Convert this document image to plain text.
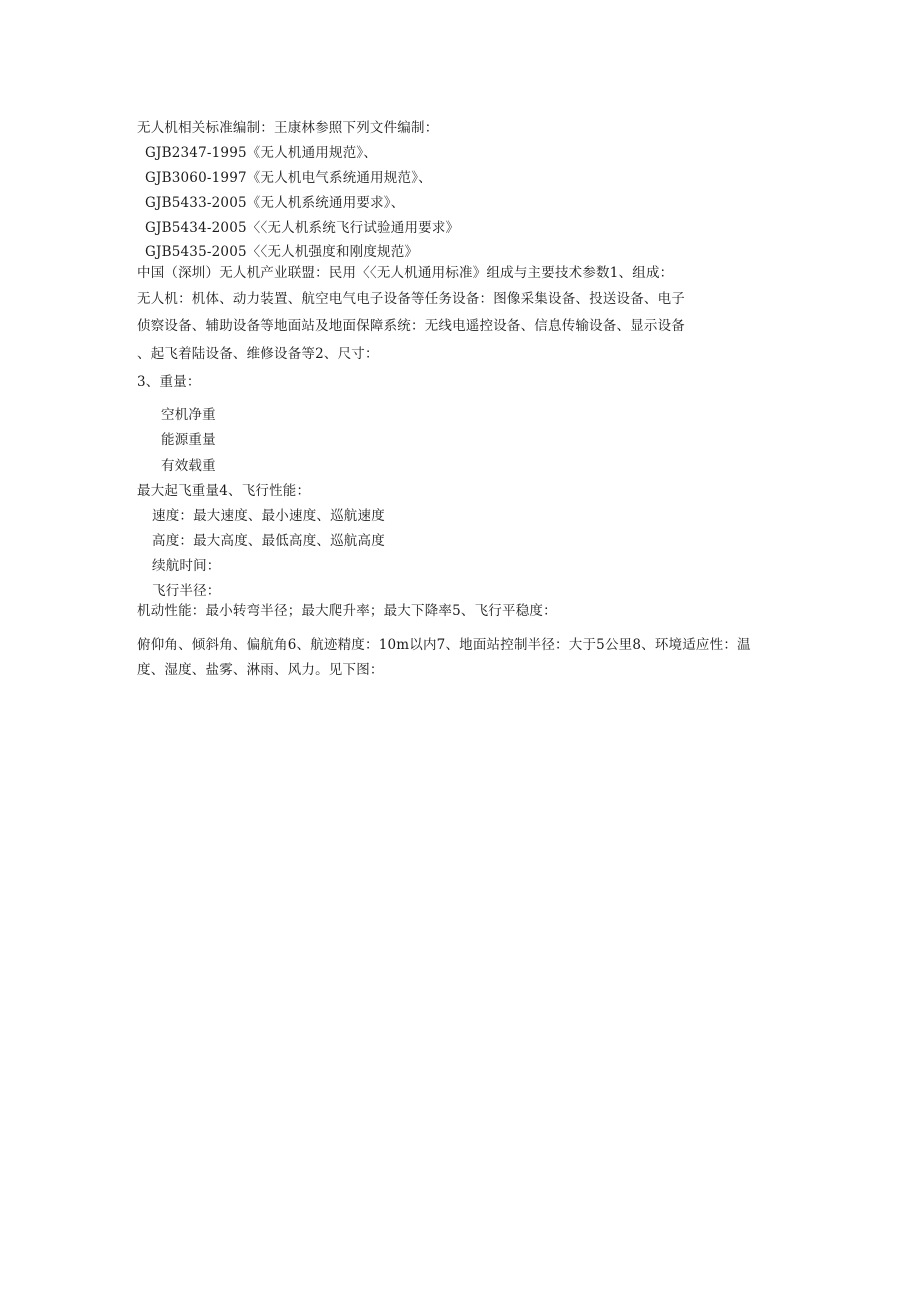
无人机相关标准编制：王康林参照下列文件编制：
GJB2347-1995《无人机通用规范》、
GJB3060-1997《无人机电气系统通用规范》、
GJB5433-2005《无人机系统通用要求》、
GJB5434-2005〈〈无人机系统飞行试验通用要求》
GJB5435-2005〈〈无人机强度和刚度规范》
中国（深圳）无人机产业联盟：民用〈〈无人机通用标准》组成与主要技术参数1、组成：
无人机：机体、动力装置、航空电气电子设备等任务设备：图像采集设备、投送设备、电子
侦察设备、辅助设备等地面站及地面保障系统：无线电遥控设备、信息传输设备、显示设备
、起飞着陆设备、维修设备等2、尺寸：
3、重量：
空机净重
能源重量
有效载重
最大起飞重量4、飞行性能：
速度：最大速度、最小速度、巡航速度
高度：最大高度、最低高度、巡航高度
续航时间：
飞行半径：
机动性能：最小转弯半径；最大爬升率；最大下降率5、飞行平稳度：
俯仰角、倾斜角、偏航角6、航迹精度：10m以内7、地面站控制半径：大于5公里8、环境适应性：温
度、湿度、盐雾、淋雨、风力。见下图：
